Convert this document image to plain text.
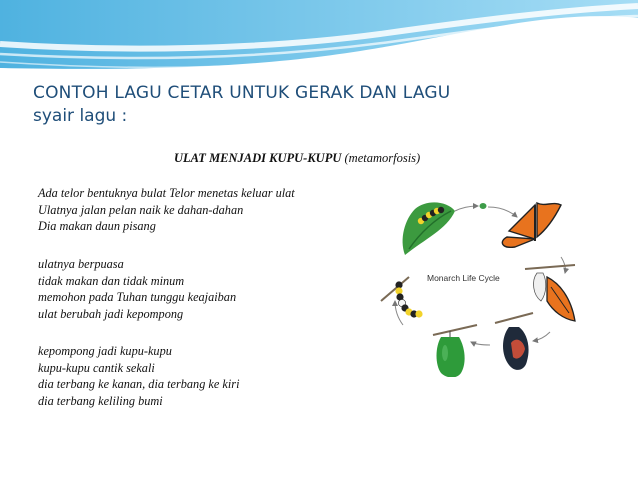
CONTOH LAGU CETAR UNTUK GERAK DAN LAGU
syair lagu :
ULAT MENJADI KUPU-KUPU (metamorfosis)
Ada telor bentuknya bulat Telor menetas keluar ulat
Ulatnya jalan pelan naik ke dahan-dahan
Dia makan daun pisang
ulatnya berpuasa
tidak makan dan tidak minum
memohon pada Tuhan tunggu keajaiban
ulat berubah jadi kepompong
kepompong jadi kupu-kupu
kupu-kupu cantik sekali
dia terbang ke kanan, dia terbang ke kiri
dia terbang keliling bumi
Monarch Life Cycle
